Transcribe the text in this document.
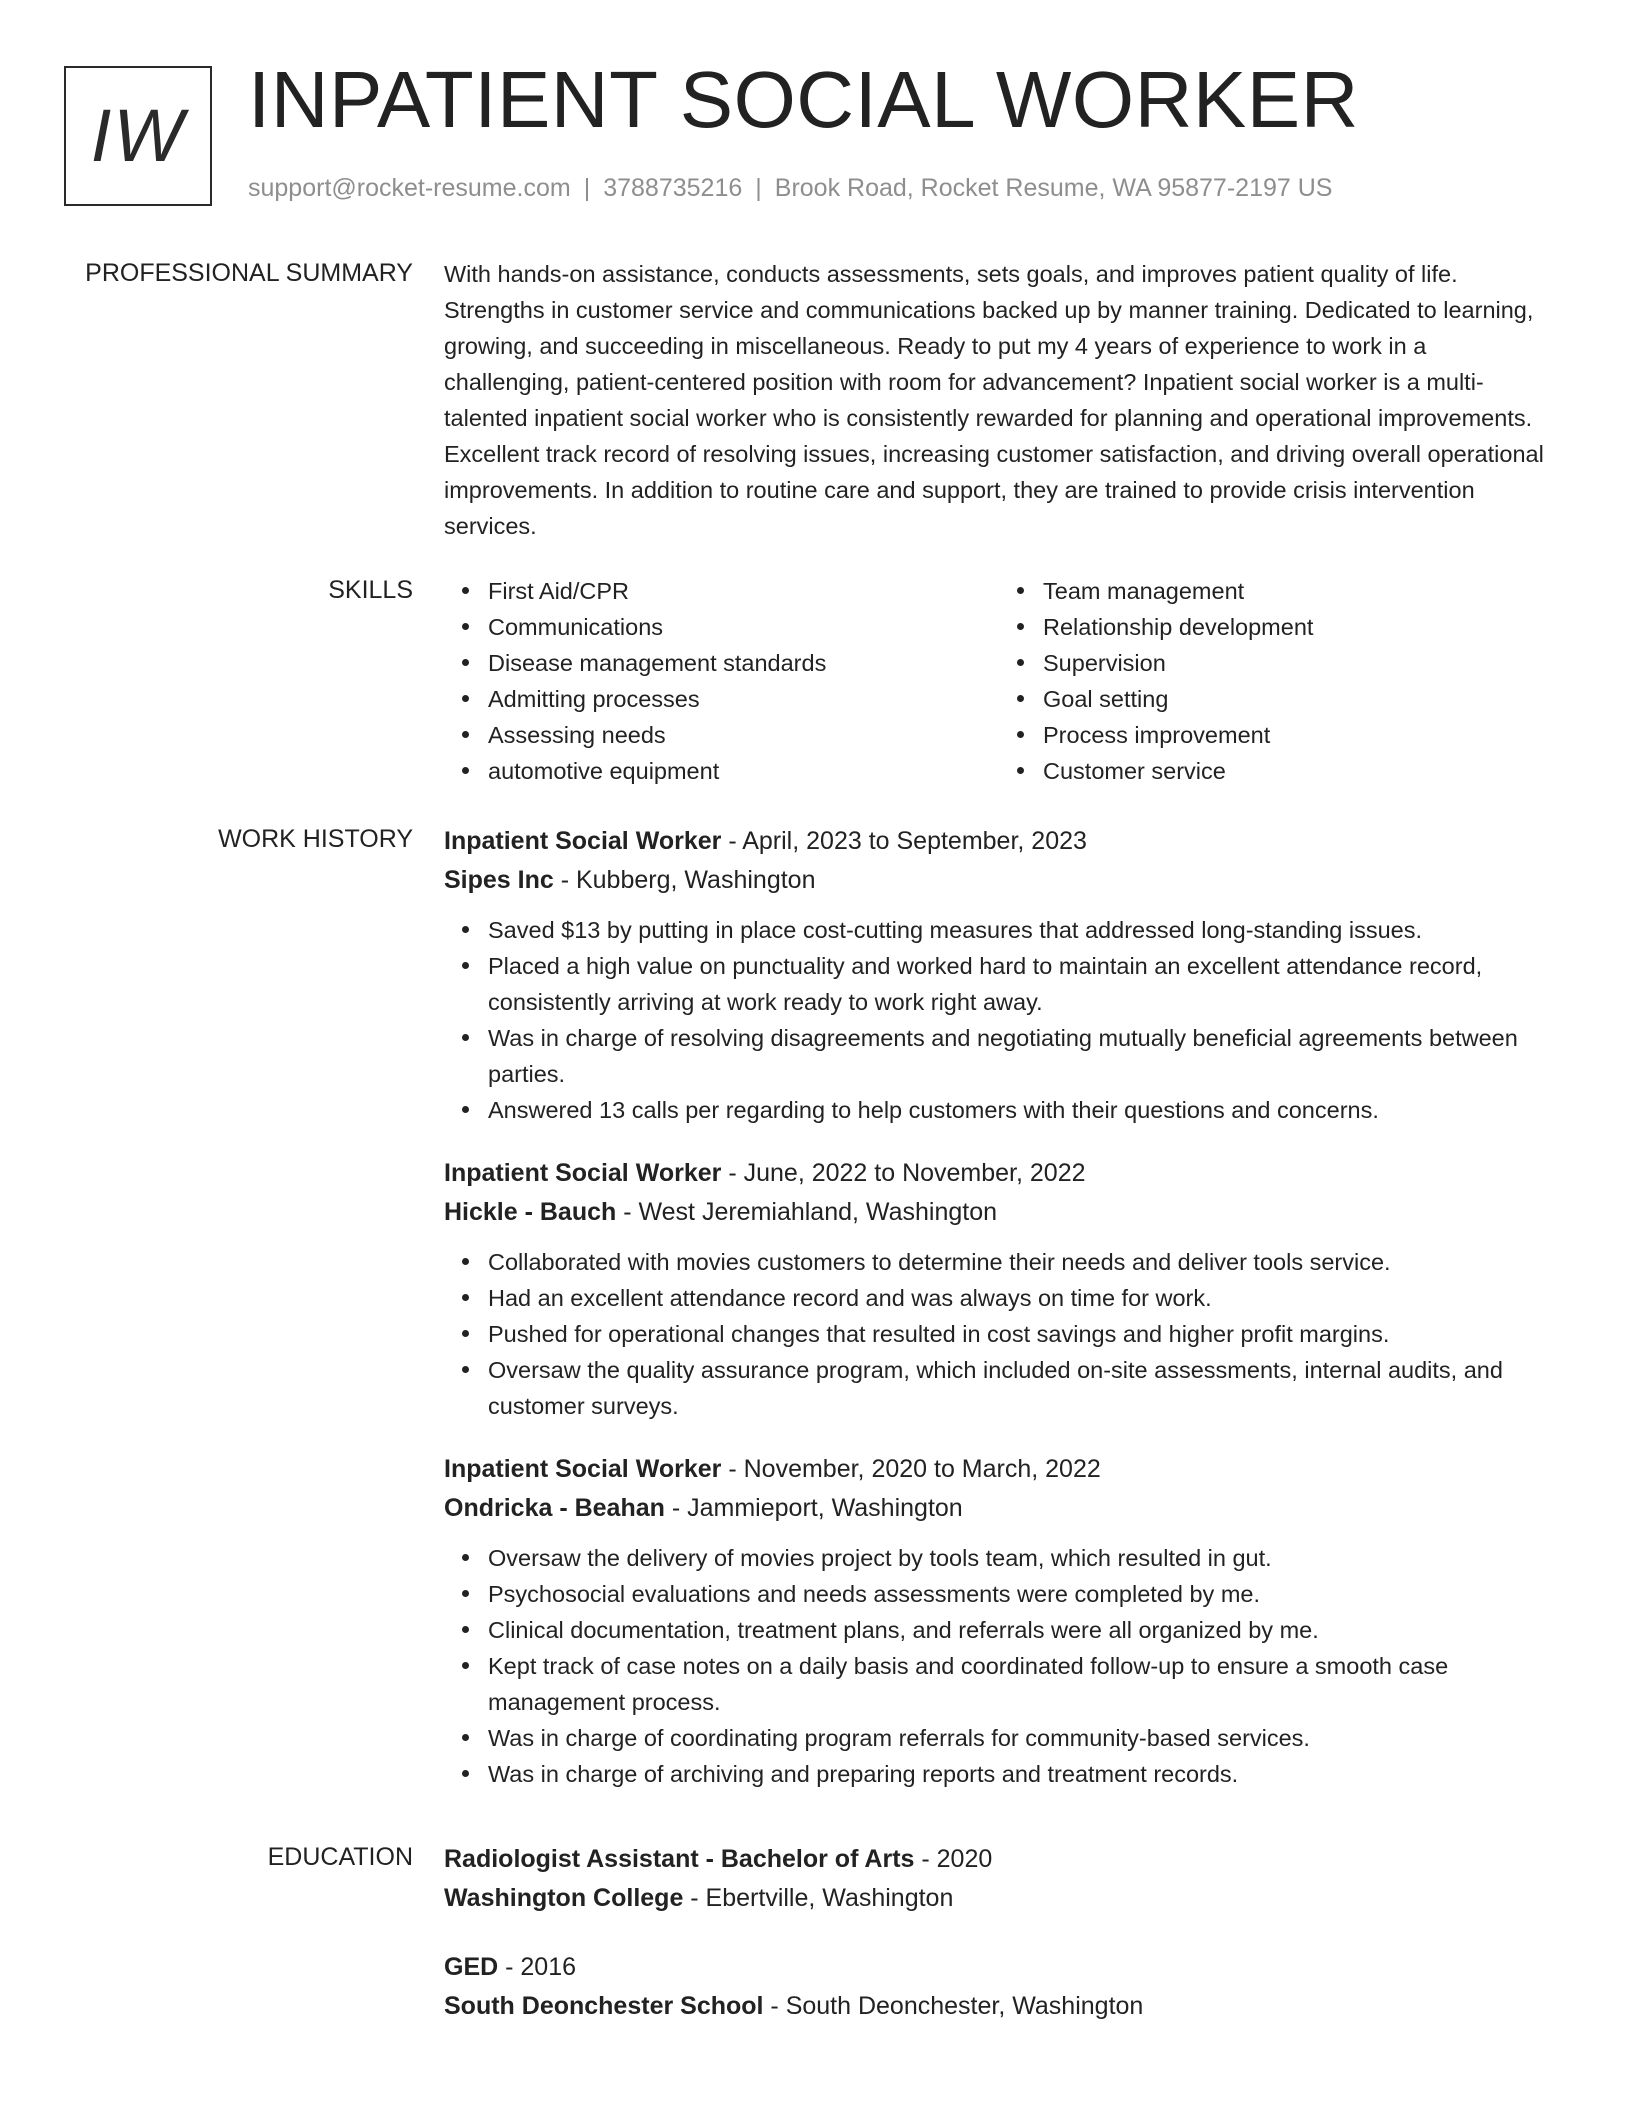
IW INPATIENT SOCIAL WORKER
support@rocket-resume.com | 3788735216 | Brook Road, Rocket Resume, WA 95877-2197 US
PROFESSIONAL SUMMARY With hands-on assistance, conducts assessments, sets goals, and improves patient quality of life. Strengths in customer service and communications backed up by manner training. Dedicated to learning, growing, and succeeding in miscellaneous. Ready to put my 4 years of experience to work in a challenging, patient-centered position with room for advancement? Inpatient social worker is a multi-talented inpatient social worker who is consistently rewarded for planning and operational improvements. Excellent track record of resolving issues, increasing customer satisfaction, and driving overall operational improvements. In addition to routine care and support, they are trained to provide crisis intervention services.

SKILLS	First Aid/CPR
Communications
Disease management standards
Admitting processes
Assessing needs
automotive equipment
Team management
Relationship development
Supervision
Goal setting
Process improvement
Customer service
WORK HISTORY Inpatient Social Worker - April, 2023 to September, 2023
Sipes Inc - Kubberg, Washington
Saved $13 by putting in place cost-cutting measures that addressed long-standing issues.
Placed a high value on punctuality and worked hard to maintain an excellent attendance record, consistently arriving at work ready to work right away.
Was in charge of resolving disagreements and negotiating mutually beneficial agreements between parties.
Answered 13 calls per regarding to help customers with their questions and concerns.
Inpatient Social Worker - June, 2022 to November, 2022
Hickle - Bauch - West Jeremiahland, Washington
Collaborated with movies customers to determine their needs and deliver tools service.
Had an excellent attendance record and was always on time for work.
Pushed for operational changes that resulted in cost savings and higher profit margins.
Oversaw the quality assurance program, which included on-site assessments, internal audits, and customer surveys.
Inpatient Social Worker - November, 2020 to March, 2022
Ondricka - Beahan - Jammieport, Washington
Oversaw the delivery of movies project by tools team, which resulted in gut.
Psychosocial evaluations and needs assessments were completed by me.
Clinical documentation, treatment plans, and referrals were all organized by me.
Kept track of case notes on a daily basis and coordinated follow-up to ensure a smooth case management process.
Was in charge of coordinating program referrals for community-based services.
Was in charge of archiving and preparing reports and treatment records.
EDUCATION Radiologist Assistant - Bachelor of Arts - 2020
Washington College - Ebertville, Washington
GED - 2016
South Deonchester School - South Deonchester, Washington
